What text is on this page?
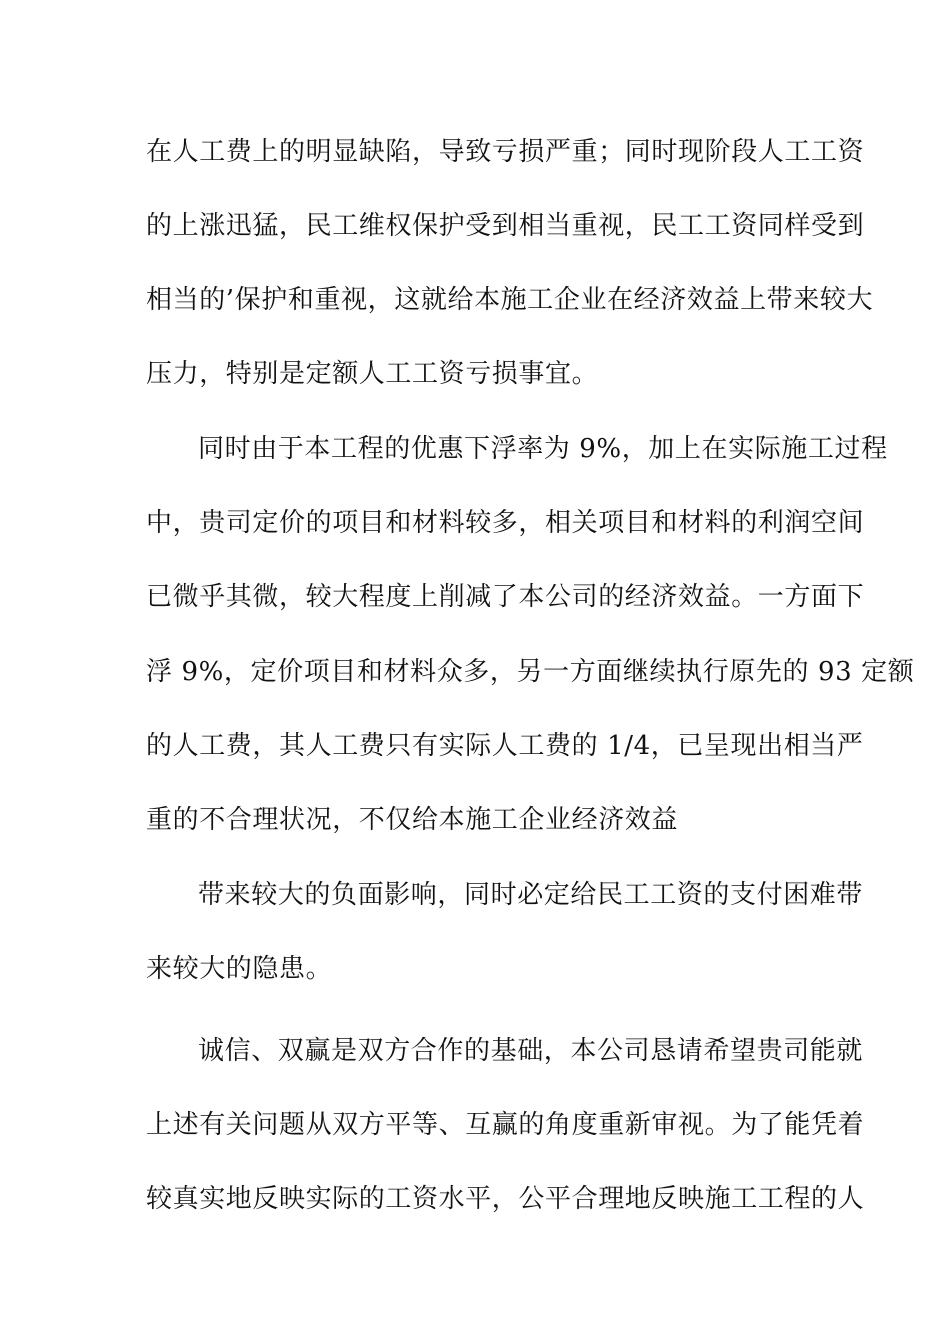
在人工费上的明显缺陷，导致亏损严重；同时现阶段人工工资
的上涨迅猛，民工维权保护受到相当重视，民工工资同样受到
相当的’保护和重视，这就给本施工企业在经济效益上带来较大
压力，特别是定额人工工资亏损事宜。
同时由于本工程的优惠下浮率为 9%，加上在实际施工过程
中，贵司定价的项目和材料较多，相关项目和材料的利润空间
已微乎其微，较大程度上削减了本公司的经济效益。一方面下
浮 9%，定价项目和材料众多，另一方面继续执行原先的 93 定额
的人工费，其人工费只有实际人工费的 1/4，已呈现出相当严
重的不合理状况，不仅给本施工企业经济效益
带来较大的负面影响，同时必定给民工工资的支付困难带
来较大的隐患。
诚信、双赢是双方合作的基础，本公司恳请希望贵司能就
上述有关问题从双方平等、互赢的角度重新审视。为了能凭着
较真实地反映实际的工资水平，公平合理地反映施工工程的人
